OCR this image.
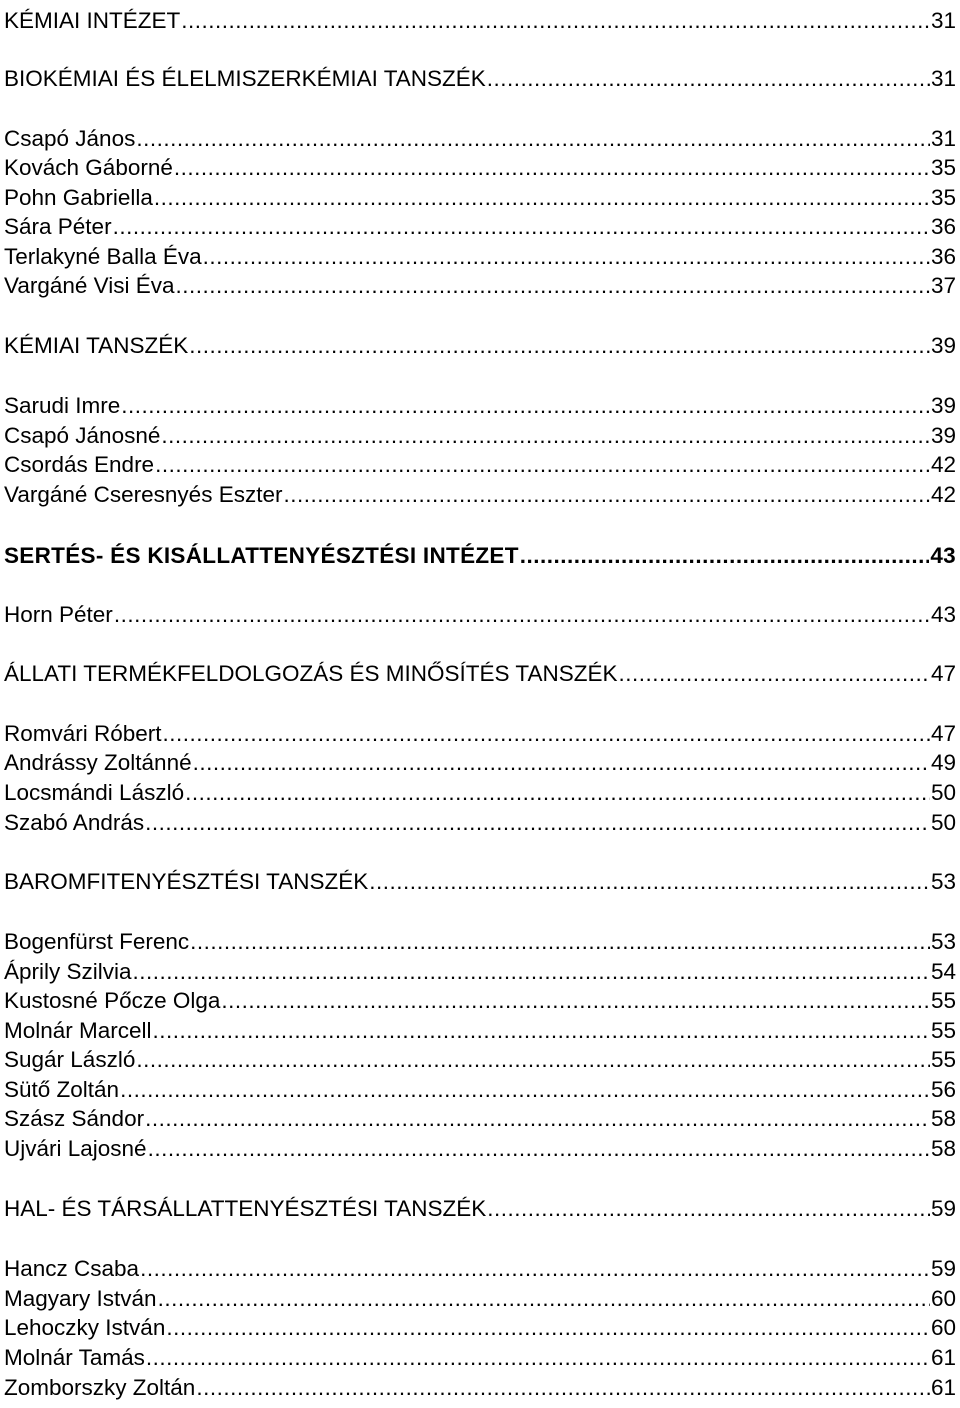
KÉMIAI INTÉZET .....	31
BIOKÉMIAI ÉS ÉLELMISZERKÉMIAI TANSZÉK .....	31
Csapó János .....	31
Kovách Gáborné .....	35
Pohn Gabriella .....	35
Sára Péter .....	36
Terlakyné Balla Éva .....	36
Vargáné Visi Éva .....	37
KÉMIAI TANSZÉK .....	39
Sarudi Imre .....	39
Csapó Jánosné .....	39
Csordás Endre .....	42
Vargáné Cseresnyés Eszter .....	42
SERTÉS- ÉS KISÁLLATTENYÉSZTÉSI INTÉZET .....	43
Horn Péter .....	43
ÁLLATI TERMÉKFELDOLGOZÁS ÉS MINŐSÍTÉS TANSZÉK .....	47
Romvári Róbert .....	47
Andrássy Zoltánné .....	49
Locsmándi László .....	50
Szabó András .....	50
BAROMFITENYÉSZTÉSI TANSZÉK .....	53
Bogenfürst Ferenc .....	53
Áprily Szilvia .....	54
Kustosné Pőcze Olga .....	55
Molnár Marcell .....	55
Sugár László .....	55
Sütő Zoltán .....	56
Szász Sándor .....	58
Ujvári Lajosné .....	58
HAL- ÉS TÁRSÁLLATTENYÉSZTÉSI TANSZÉK .....	59
Hancz Csaba .....	59
Magyary István .....	60
Lehoczky István .....	60
Molnár Tamás .....	61
Zomborszky Zoltán .....	61
